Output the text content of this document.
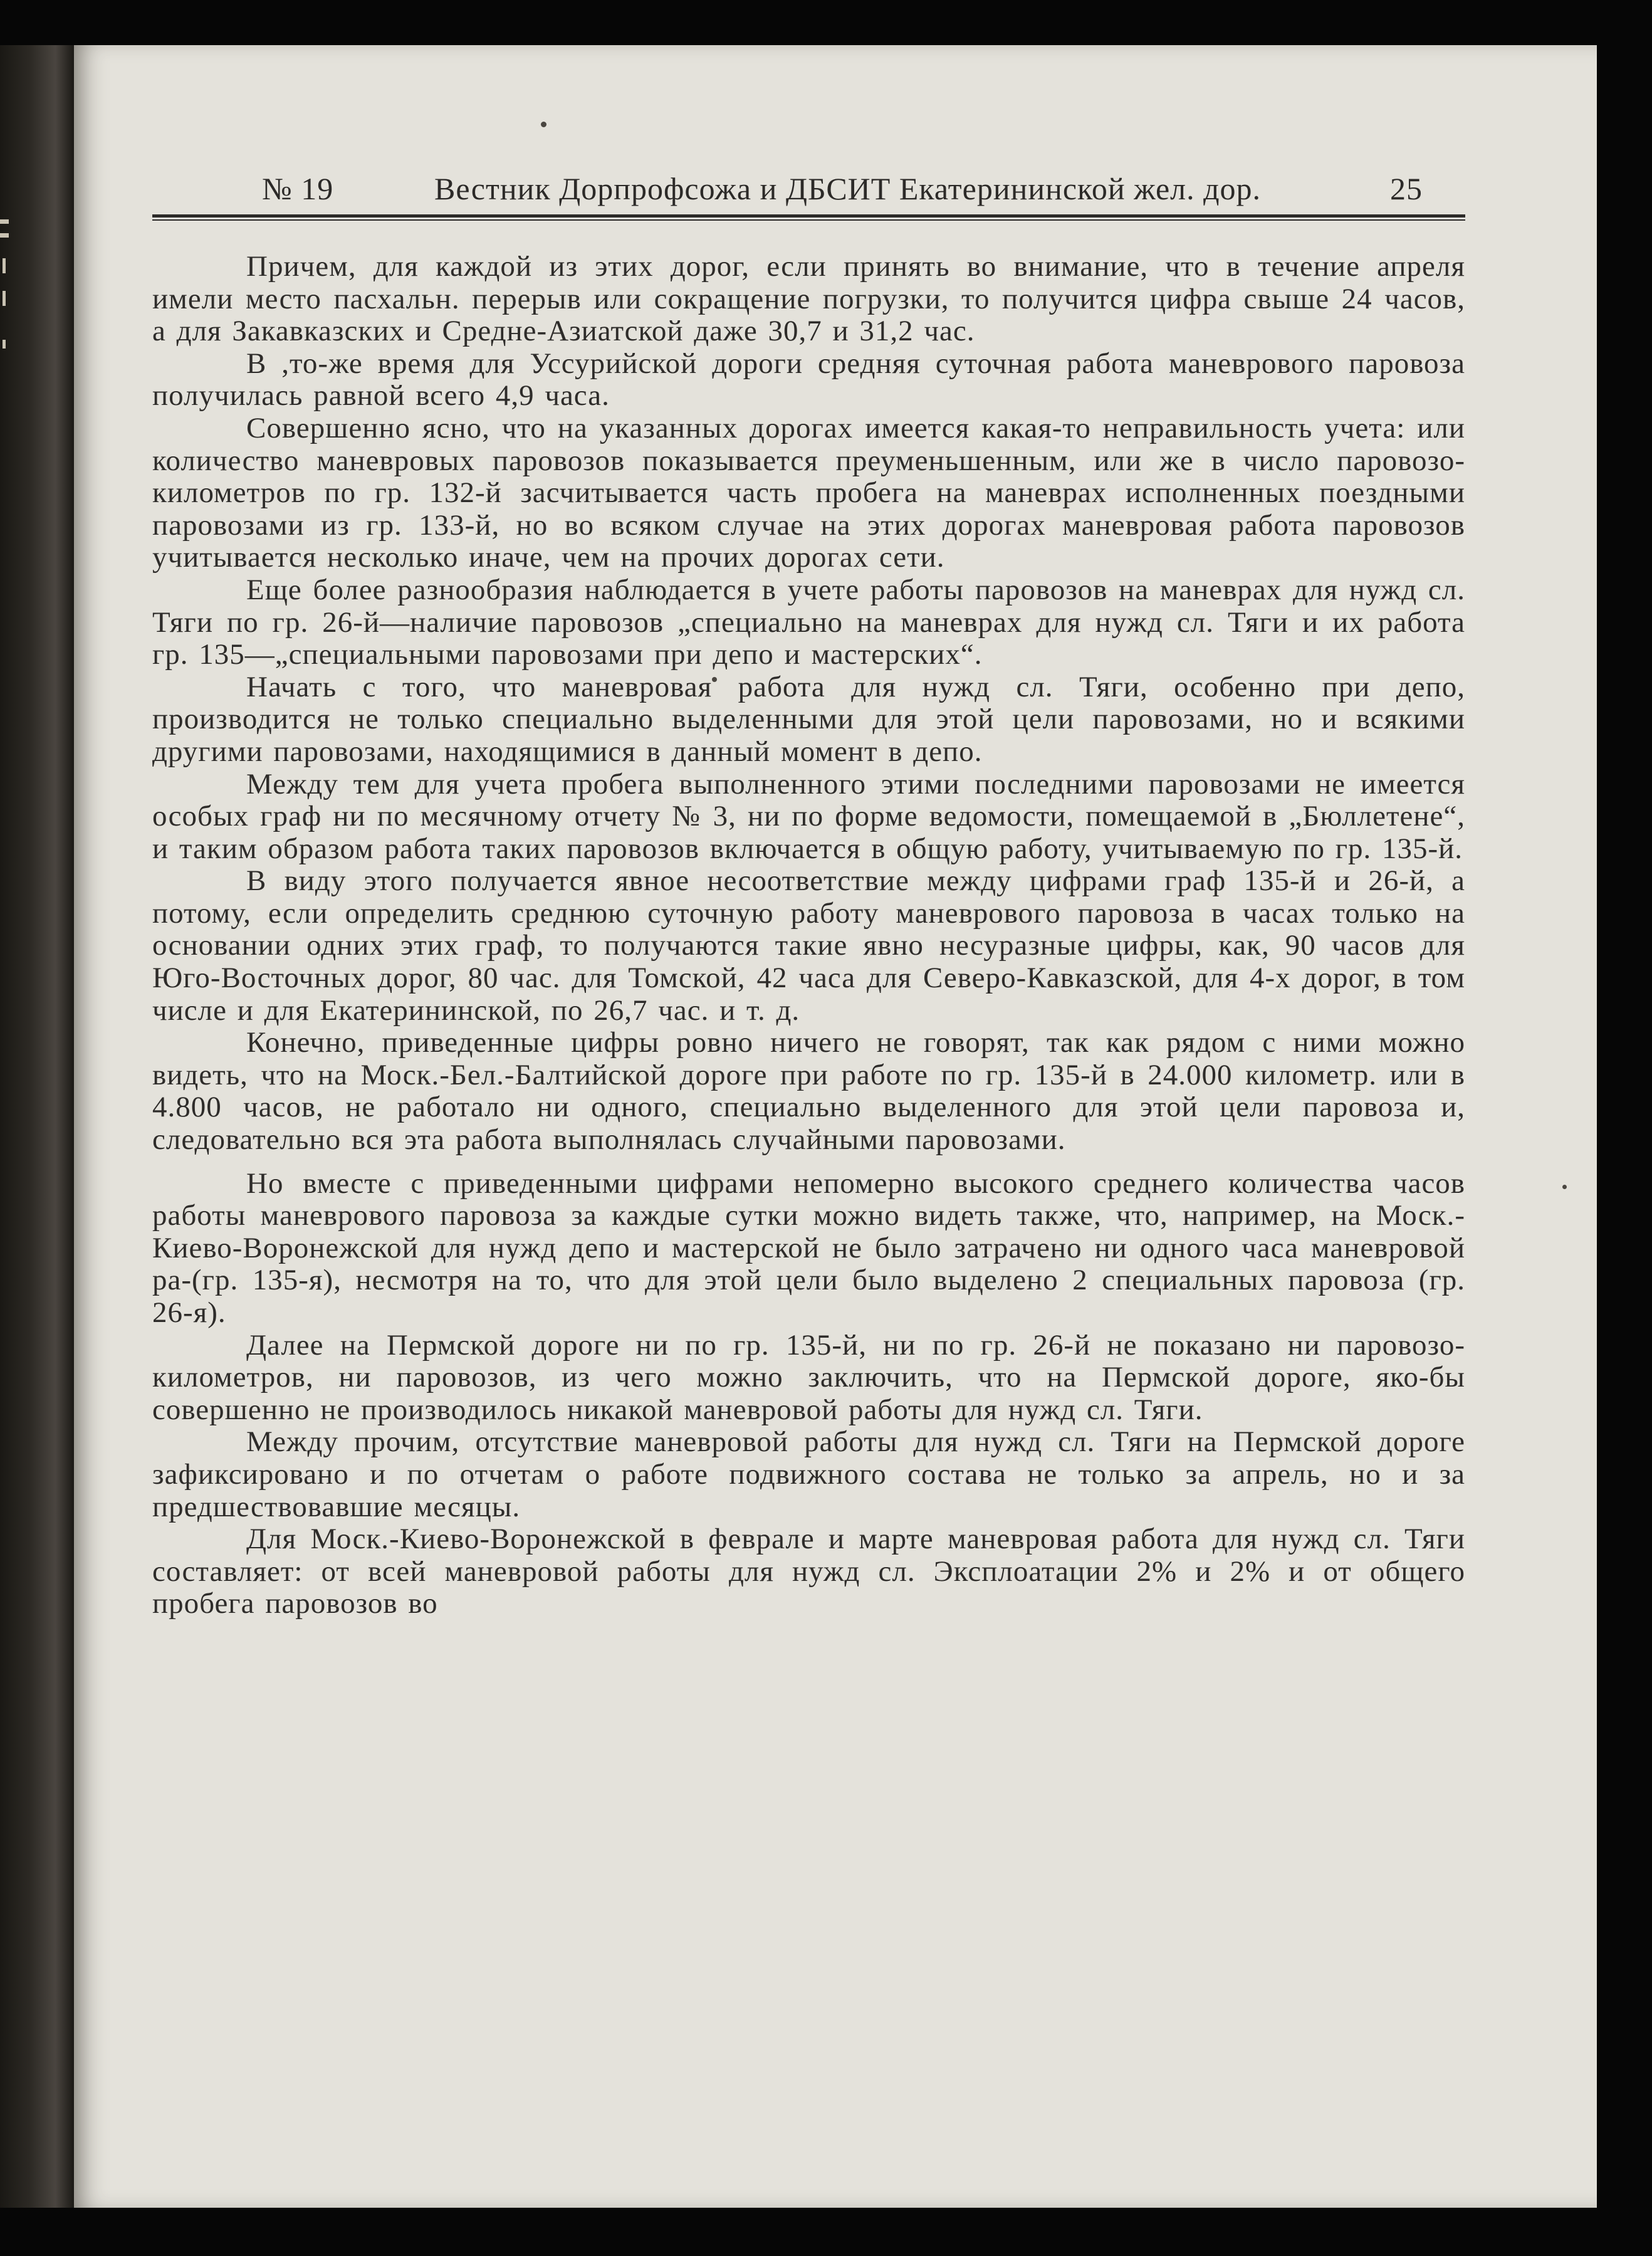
№ 19	Вестник Дорпрофсожа и ДБСИТ Екатерининской жел. дор.	25

Причем, для каждой из этих дорог, если принять во внимание, что в течение апреля имели место пасхальн. перерыв или сокращение погрузки, то получится цифра свыше 24 часов, а для Закавказских и Средне-Азиатской даже 30,7 и 31,2 час.

В ,то-же время для Уссурийской дороги средняя суточная работа маневрового паровоза получилась равной всего 4,9 часа.

Совершенно ясно, что на указанных дорогах имеется какая-то неправильность учета: или количество маневровых паровозов показывается преуменьшенным, или же в число паровозо-километров по гр. 132-й засчитывается часть пробега на маневрах исполненных поездными паровозами из гр. 133-й, но во всяком случае на этих дорогах маневровая работа паровозов учитывается несколько иначе, чем на прочих дорогах сети.

Еще более разнообразия наблюдается в учете работы паровозов на маневрах для нужд сл. Тяги по гр. 26-й—наличие паровозов „специально на маневрах для нужд сл. Тяги и их работа гр. 135—„специальными паровозами при депо и мастерских“.

Начать с того, что маневровая работа для нужд сл. Тяги, особенно при депо, производится не только специально выделенными для этой цели паровозами, но и всякими другими паровозами, находящимися в данный момент в депо.

Между тем для учета пробега выполненного этими последними паровозами не имеется особых граф ни по месячному отчету № 3, ни по форме ведомости, помещаемой в „Бюллетене“, и таким образом работа таких паровозов включается в общую работу, учитываемую по гр. 135-й.

В виду этого получается явное несоответствие между цифрами граф 135-й и 26-й, а потому, если определить среднюю суточную работу маневрового паровоза в часах только на основании одних этих граф, то получаются такие явно несуразные цифры, как, 90 часов для Юго-Восточных дорог, 80 час. для Томской, 42 часа для Северо-Кавказской, для 4-х дорог, в том числе и для Екатерининской, по 26,7 час. и т. д.

Конечно, приведенные цифры ровно ничего не говорят, так как рядом с ними можно видеть, что на Моск.-Бел.-Балтийской дороге при работе по гр. 135-й в 24.000 километр. или в 4.800 часов, не работало ни одного, специально выделенного для этой цели паровоза и, следовательно вся эта работа выполнялась случайными паровозами.

Но вместе с приведенными цифрами непомерно высокого среднего количества часов работы маневрового паровоза за каждые сутки можно видеть также, что, например, на Моск.-Киево-Воронежской для нужд депо и мастерской не было затрачено ни одного часа маневровой ра-(гр. 135-я), несмотря на то, что для этой цели было выделено 2 специальных паровоза (гр. 26-я).

Далее на Пермской дороге ни по гр. 135-й, ни по гр. 26-й не показано ни паровозо-километров, ни паровозов, из чего можно заключить, что на Пермской дороге, яко-бы совершенно не производилось никакой маневровой работы для нужд сл. Тяги.

Между прочим, отсутствие маневровой работы для нужд сл. Тяги на Пермской дороге зафиксировано и по отчетам о работе подвижного состава не только за апрель, но и за предшествовавшие месяцы.

Для Моск.-Киево-Воронежской в феврале и марте маневровая работа для нужд сл. Тяги составляет: от всей маневровой работы для нужд сл. Эксплоатации 2% и 2% и от общего пробега паровозов во
